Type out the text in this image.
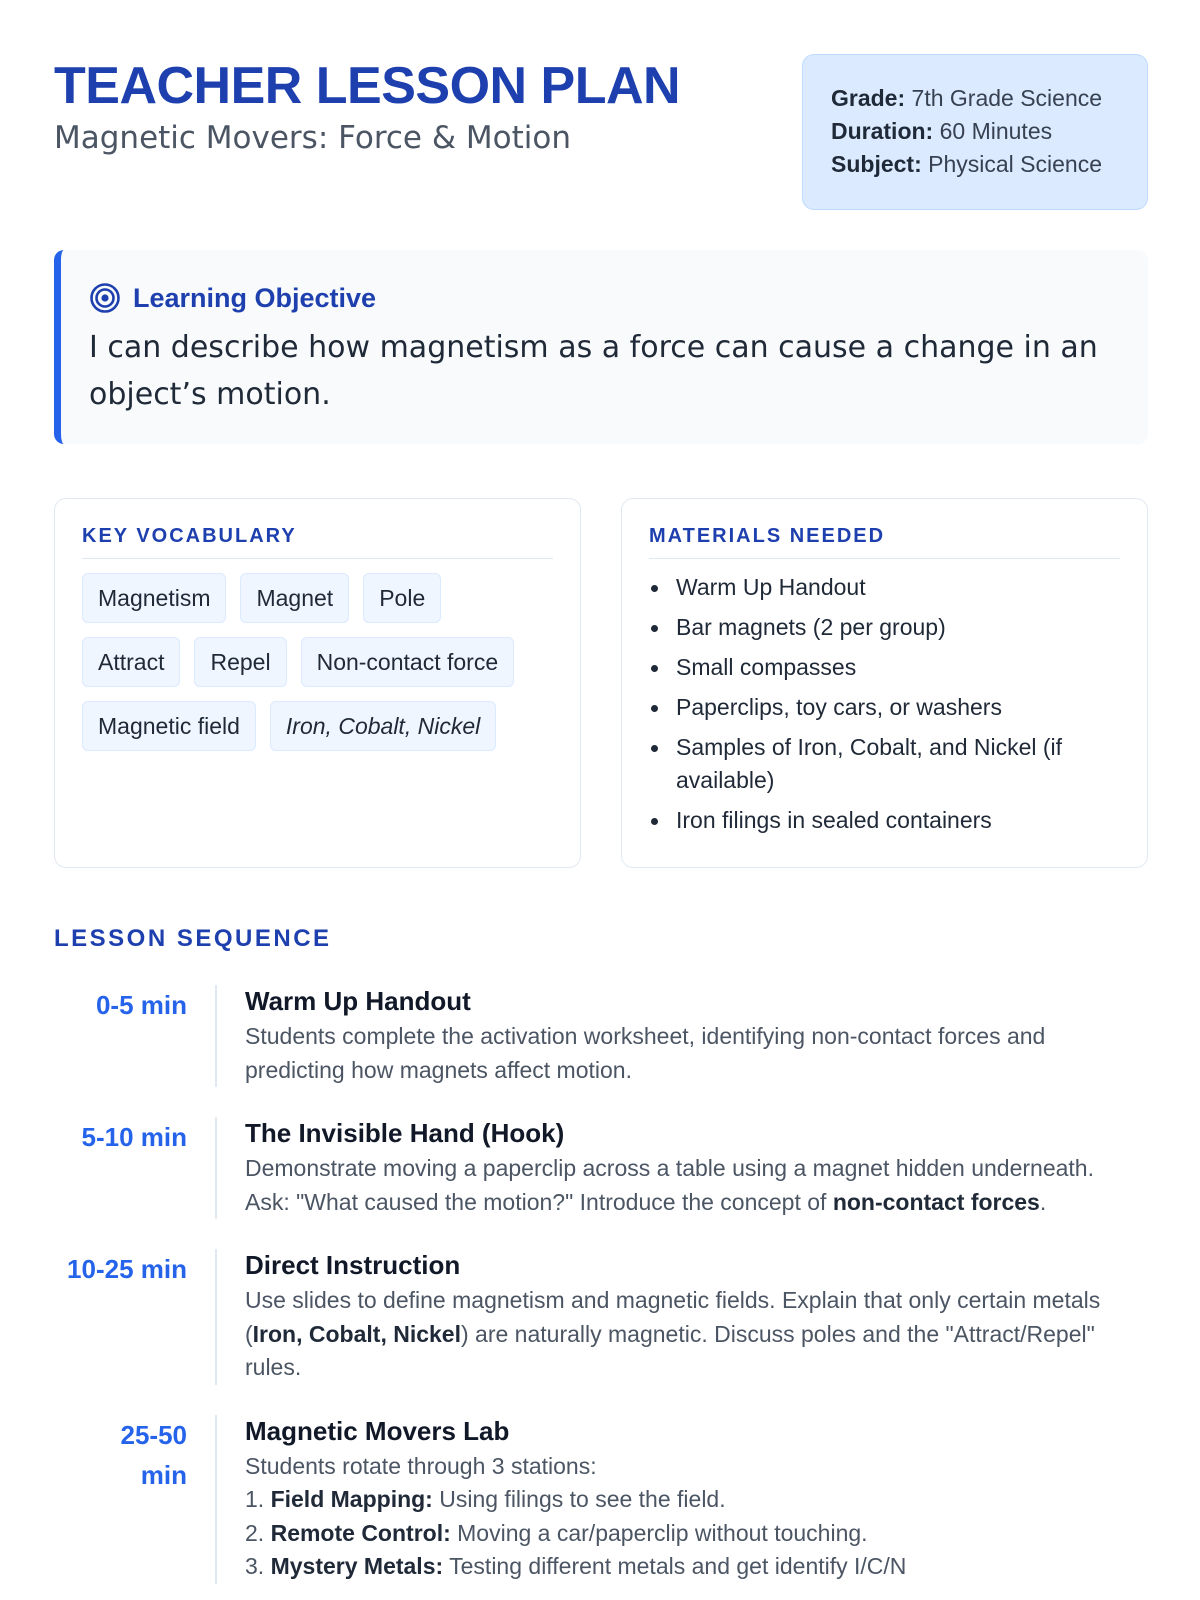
TEACHER LESSON PLAN
Magnetic Movers: Force & Motion
Grade: 7th Grade Science
Duration: 60 Minutes
Subject: Physical Science
Learning Objective

I can describe how magnetism as a force can cause a change in an object’s motion.

KEY VOCABULARY
Magnetism	Magnet	Pole
Attract	Repel	Non-contact force
Magnetic field	Iron, Cobalt, Nickel
MATERIALS NEEDED
Warm Up Handout
Bar magnets (2 per group)
Small compasses
Paperclips, toy cars, or washers
Samples of Iron, Cobalt, and Nickel (if available)
Iron filings in sealed containers
LESSON SEQUENCE
0-5 min Warm Up Handout

Students complete the activation worksheet, identifying non-contact forces and predicting how magnets affect motion.

5-10 min The Invisible Hand (Hook)

Demonstrate moving a paperclip across a table using a magnet hidden underneath. Ask: "What caused the motion?" Introduce the concept of non-contact forces.

10-25 min Direct Instruction

Use slides to define magnetism and magnetic fields. Explain that only certain metals (Iron, Cobalt, Nickel) are naturally magnetic. Discuss poles and the "Attract/Repel" rules.

25-50 min
Magnetic Movers Lab

Students rotate through 3 stations:

1. Field Mapping: Using filings to see the field.

2. Remote Control: Moving a car/paperclip without touching.

3. Mystery Metals: Testing different metals and get identify I/C/N
